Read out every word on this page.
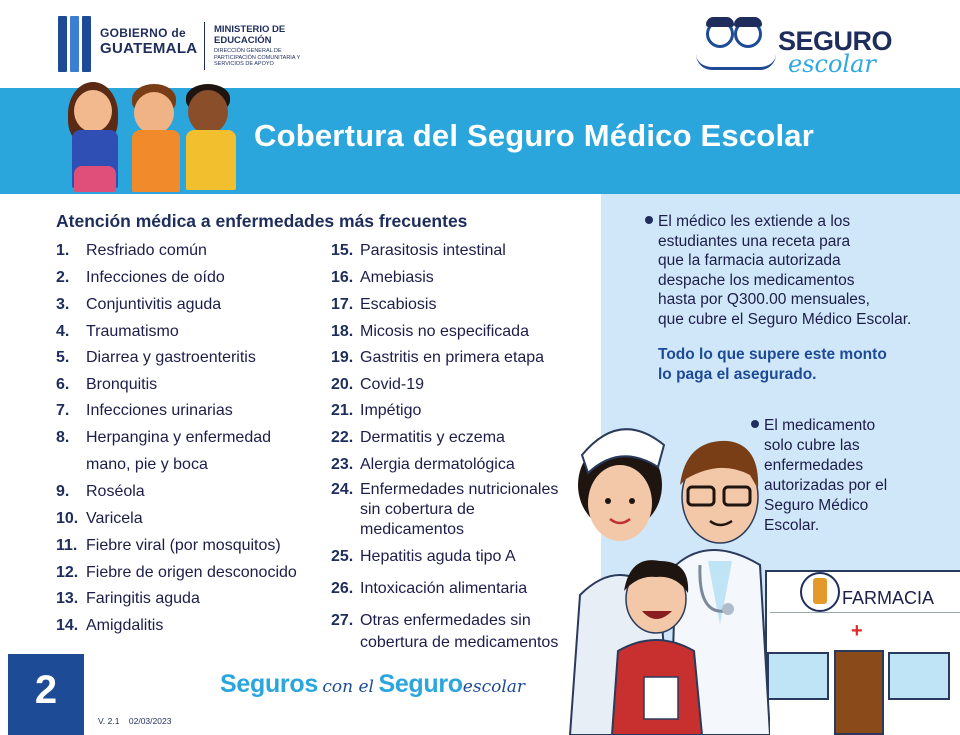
GOBIERNO de
GUATEMALA
MINISTERIO DE
EDUCACIÓN
DIRECCIÓN GENERAL DE PARTICIPACIÓN COMUNITARIA Y SERVICIOS DE APOYO
SEGURO
escolar
Cobertura del Seguro Médico Escolar
El médico les extiende a los
estudiantes una receta para
que la farmacia autorizada
despache los medicamentos
hasta por Q300.00 mensuales,
que cubre el Seguro Médico Escolar.
Todo lo que supere este monto
lo paga el asegurado.
El medicamento
solo cubre las
enfermedades
autorizadas por el
Seguro Médico
Escolar.
FARMACIA
+
Atención médica a enfermedades más frecuentes
1. Resfriado común
2. Infecciones de oído
3. Conjuntivitis aguda
4. Traumatismo
5. Diarrea y gastroenteritis
6. Bronquitis
7. Infecciones urinarias
8. Herpangina y enfermedad
mano, pie y boca
9. Roséola
10. Varicela
11. Fiebre viral (por mosquitos)
12. Fiebre de origen desconocido
13. Faringitis aguda
14. Amigdalitis
15. Parasitosis intestinal
16. Amebiasis
17. Escabiosis
18. Micosis no especificada
19. Gastritis en primera etapa
20. Covid-19
21. Impétigo
22. Dermatitis y eczema
23. Alergia dermatológica
24. Enfermedades nutricionales
sin cobertura de
medicamentos
25. Hepatitis aguda tipo A
26. Intoxicación alimentaria
27. Otras enfermedades sin
cobertura de medicamentos
2	Seguros con el Seguroescolar
V. 2.1    02/03/2023
